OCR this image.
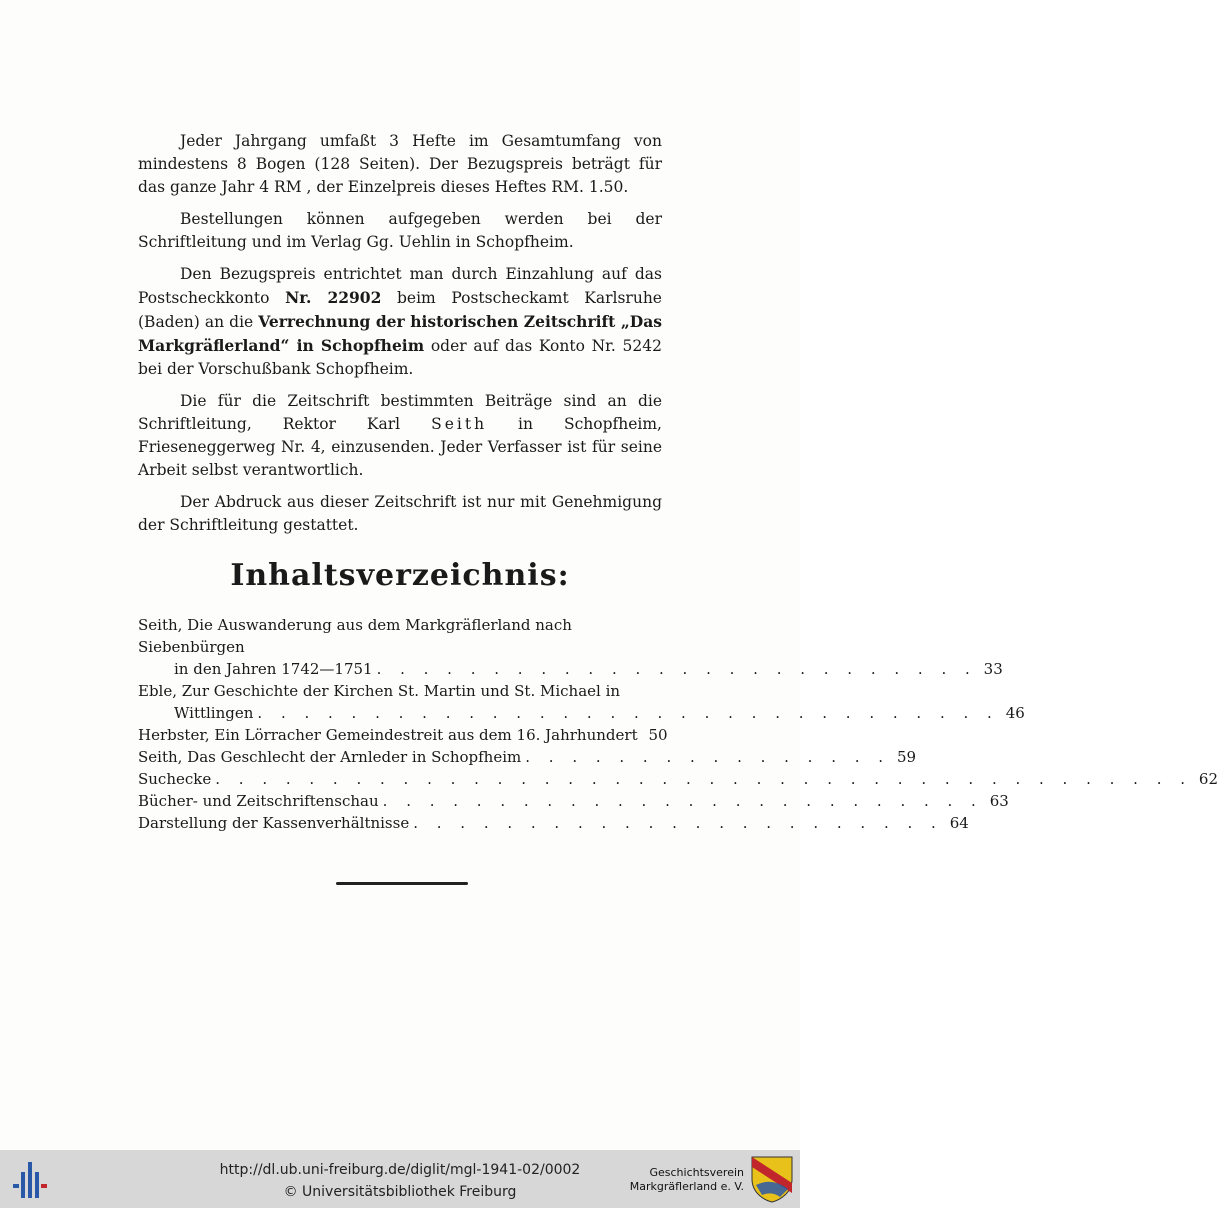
Jeder Jahrgang umfaßt 3 Hefte im Gesamtumfang von mindestens 8 Bogen (128 Seiten). Der Bezugspreis beträgt für das ganze Jahr 4 RM , der Einzelpreis dieses Heftes RM. 1.50.

Bestellungen können aufgegeben werden bei der Schriftleitung und im Verlag Gg. Uehlin in Schopfheim.

Den Bezugspreis entrichtet man durch Einzahlung auf das Postscheckkonto Nr. 22902 beim Postscheckamt Karlsruhe (Baden) an die Verrechnung der historischen Zeitschrift „Das Markgräflerland“ in Schopfheim oder auf das Konto Nr. 5242 bei der Vorschußbank Schopfheim.

Die für die Zeitschrift bestimmten Beiträge sind an die Schriftleitung, Rektor Karl Seith in Schopfheim, Frieseneggerweg Nr. 4, einzusenden. Jeder Verfasser ist für seine Arbeit selbst verantwortlich.

Der Abdruck aus dieser Zeitschrift ist nur mit Genehmigung der Schriftleitung gestattet.

Inhaltsverzeichnis:
Seith, Die Auswanderung aus dem Markgräflerland nach Siebenbürgen
in den Jahren 1742—1751 . . . . . . . . . . . . . . . . . . . . . . . . . . 33
Eble, Zur Geschichte der Kirchen St. Martin und St. Michael in
Wittlingen . . . . . . . . . . . . . . . . . . . . . . . . . . . . . . . . 46
Herbster, Ein Lörracher Gemeindestreit aus dem 16. Jahrhundert 50
Seith, Das Geschlecht der Arnleder in Schopfheim . . . . . . . . . . . . . . . . 59
Suchecke . . . . . . . . . . . . . . . . . . . . . . . . . . . . . . . . . . . . . . . . . . 62
Bücher- und Zeitschriftenschau . . . . . . . . . . . . . . . . . . . . . . . . . . 63
Darstellung der Kassenverhältnisse . . . . . . . . . . . . . . . . . . . . . . . 64
http://dl.ub.uni-freiburg.de/diglit/mgl-1941-02/0002
© Universitätsbibliothek Freiburg
Geschichtsverein
Markgräflerland e. V.
